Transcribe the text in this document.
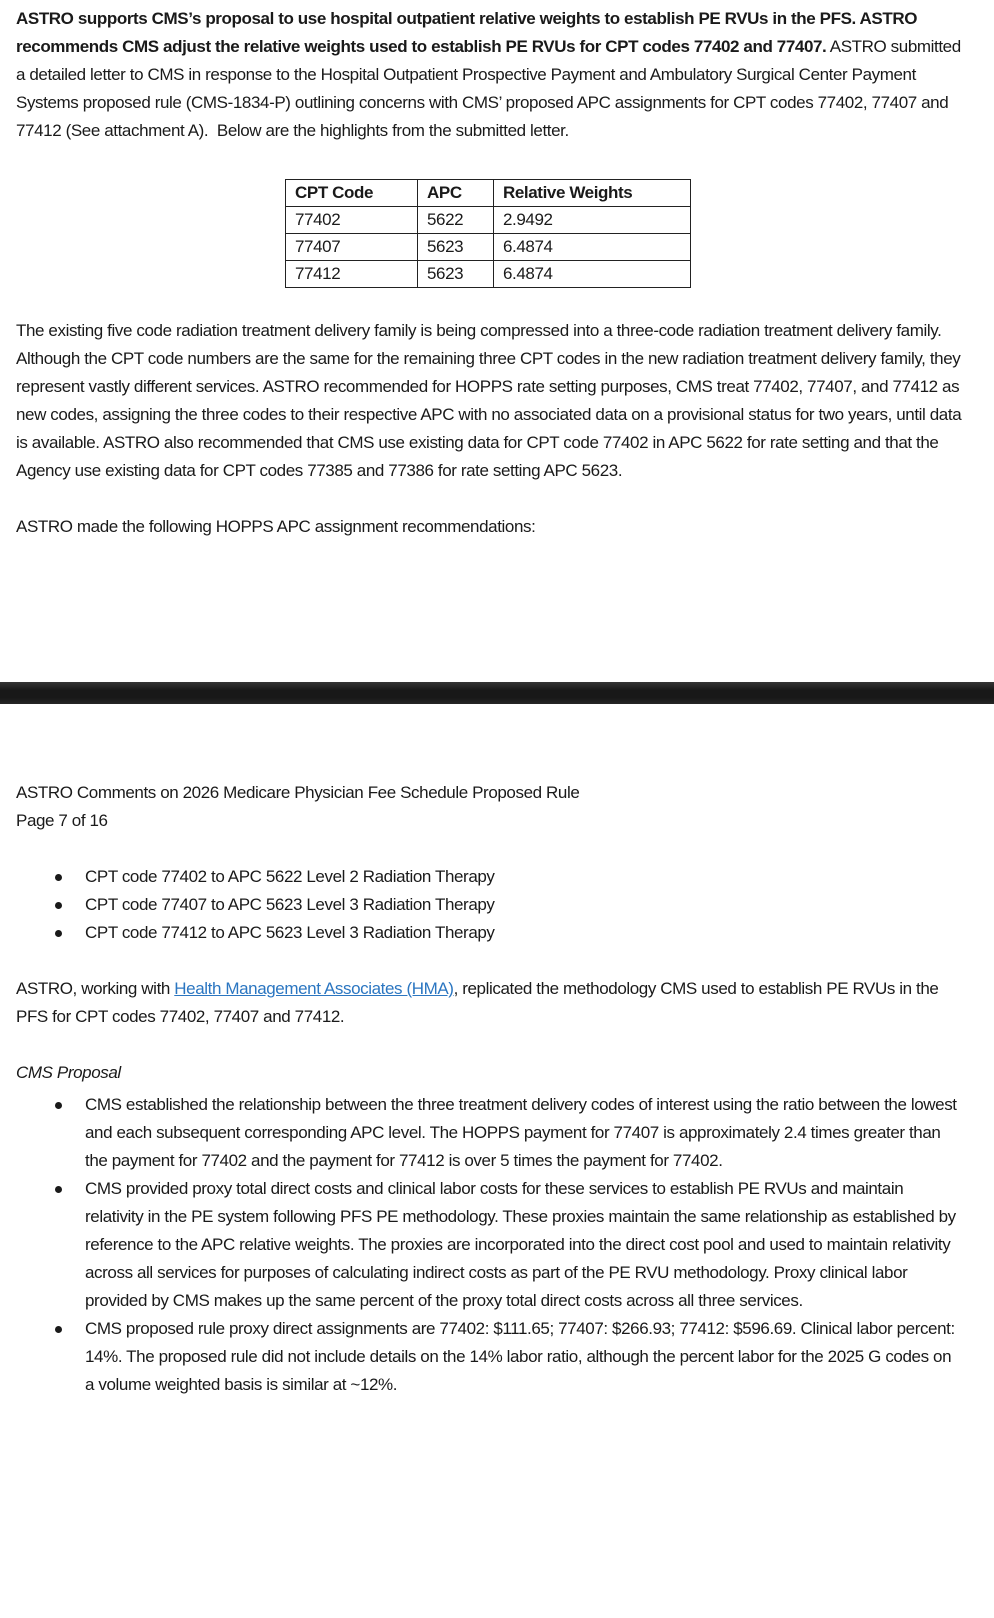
ASTRO supports CMS’s proposal to use hospital outpatient relative weights to establish PE RVUs in the PFS. ASTRO recommends CMS adjust the relative weights used to establish PE RVUs for CPT codes 77402 and 77407. ASTRO submitted a detailed letter to CMS in response to the Hospital Outpatient Prospective Payment and Ambulatory Surgical Center Payment Systems proposed rule (CMS-1834-P) outlining concerns with CMS’ proposed APC assignments for CPT codes 77402, 77407 and 77412 (See attachment A).  Below are the highlights from the submitted letter.

CPT Code	APC	Relative Weights
77402	5622	2.9492
77407	5623	6.4874
77412	5623	6.4874

The existing five code radiation treatment delivery family is being compressed into a three-code radiation treatment delivery family.  Although the CPT code numbers are the same for the remaining three CPT codes in the new radiation treatment delivery family, they represent vastly different services. ASTRO recommended for HOPPS rate setting purposes, CMS treat 77402, 77407, and 77412 as new codes, assigning the three codes to their respective APC with no associated data on a provisional status for two years, until data is available. ASTRO also recommended that CMS use existing data for CPT code 77402 in APC 5622 for rate setting and that the Agency use existing data for CPT codes 77385 and 77386 for rate setting APC 5623.

ASTRO made the following HOPPS APC assignment recommendations:

ASTRO Comments on 2026 Medicare Physician Fee Schedule Proposed Rule
Page 7 of 16
CPT code 77402 to APC 5622 Level 2 Radiation Therapy
CPT code 77407 to APC 5623 Level 3 Radiation Therapy
CPT code 77412 to APC 5623 Level 3 Radiation Therapy

ASTRO, working with Health Management Associates (HMA), replicated the methodology CMS used to establish PE RVUs in the PFS for CPT codes 77402, 77407 and 77412.

CMS Proposal

CMS established the relationship between the three treatment delivery codes of interest using the ratio between the lowest and each subsequent corresponding APC level. The HOPPS payment for 77407 is approximately 2.4 times greater than the payment for 77402 and the payment for 77412 is over 5 times the payment for 77402.
CMS provided proxy total direct costs and clinical labor costs for these services to establish PE RVUs and maintain relativity in the PE system following PFS PE methodology. These proxies maintain the same relationship as established by reference to the APC relative weights. The proxies are incorporated into the direct cost pool and used to maintain relativity across all services for purposes of calculating indirect costs as part of the PE RVU methodology. Proxy clinical labor provided by CMS makes up the same percent of the proxy total direct costs across all three services.
CMS proposed rule proxy direct assignments are 77402: $111.65; 77407: $266.93; 77412: $596.69. Clinical labor percent: 14%. The proposed rule did not include details on the 14% labor ratio, although the percent labor for the 2025 G codes on a volume weighted basis is similar at ~12%.
